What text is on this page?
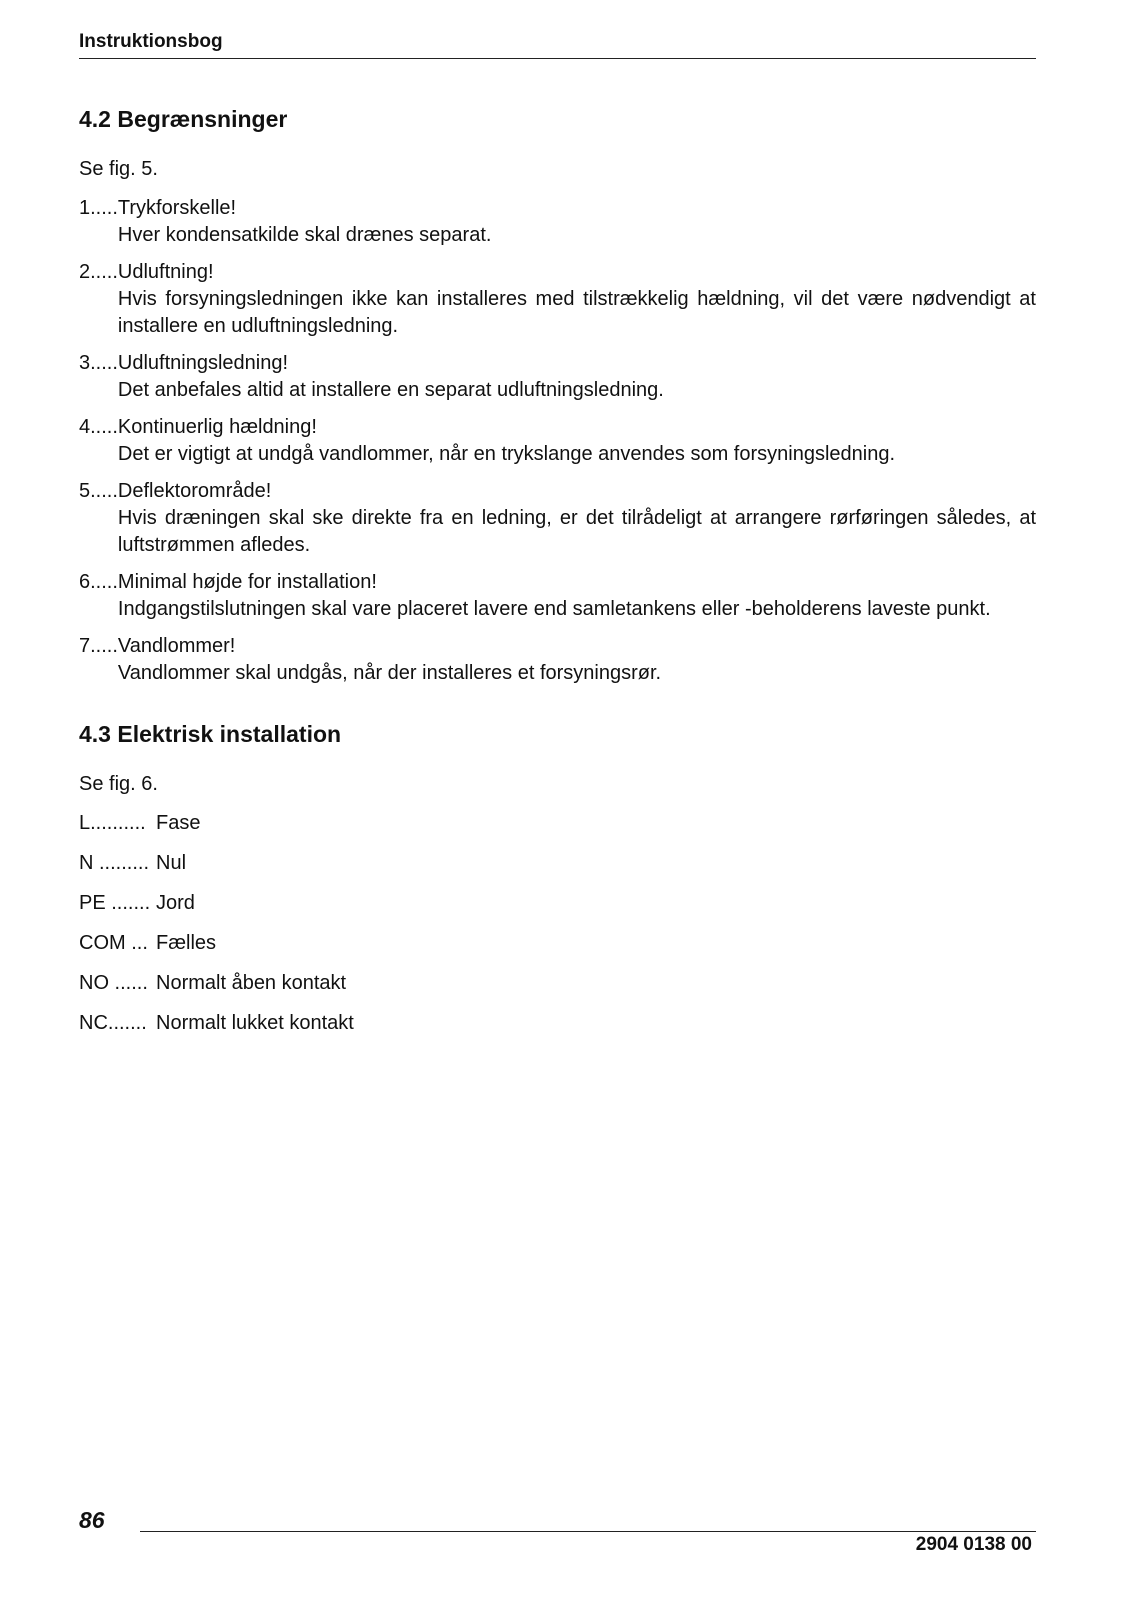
Instruktionsbog
4.2 Begrænsninger

Se fig. 5.

1..... Trykforskelle!
Hver kondensatkilde skal drænes separat.
2..... Udluftning!
Hvis forsyningsledningen ikke kan installeres med tilstrækkelig hældning, vil det være nødvendigt at installere en udluftningsledning.
3..... Udluftningsledning!
Det anbefales altid at installere en separat udluftningsledning.
4..... Kontinuerlig hældning!
Det er vigtigt at undgå vandlommer, når en trykslange anvendes som forsyningsledning.
5..... Deflektorområde!
Hvis dræningen skal ske direkte fra en ledning, er det tilrådeligt at arrangere rørføringen således, at luftstrømmen afledes.
6..... Minimal højde for installation!
Indgangstilslutningen skal vare placeret lavere end samletankens eller -beholderens laveste punkt.
7..... Vandlommer!
Vandlommer skal undgås, når der installeres et forsyningsrør.
4.3 Elektrisk installation

Se fig. 6.

L.......... Fase
N ......... Nul
PE ....... Jord
COM ... Fælles
NO ...... Normalt åben kontakt
NC....... Normalt lukket kontakt
86
2904 0138 00
